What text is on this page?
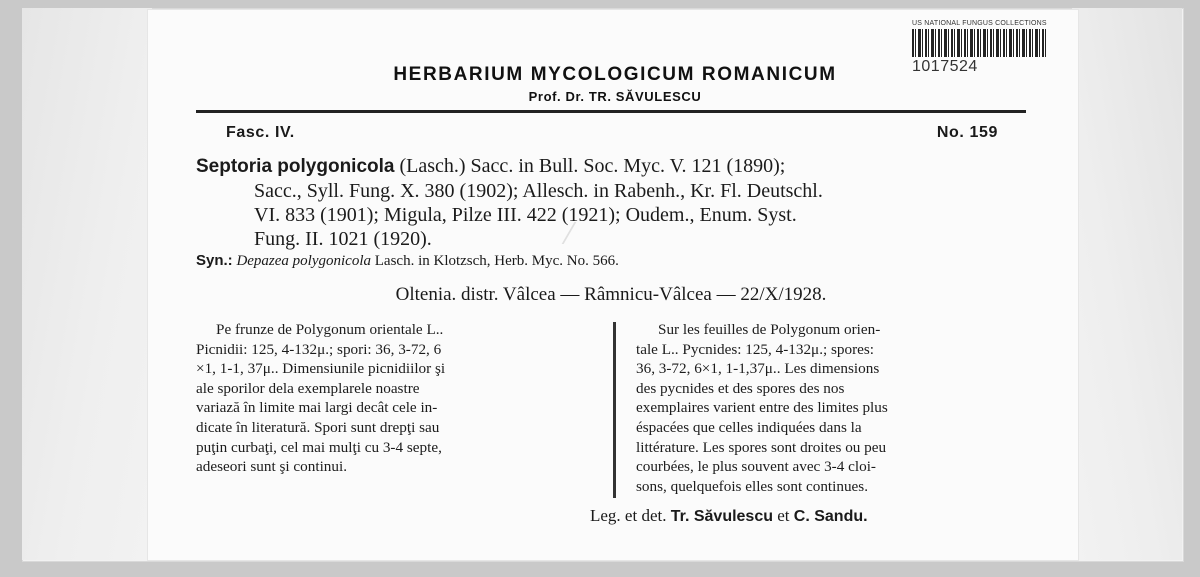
US NATIONAL FUNGUS COLLECTIONS
1017524
HERBARIUM MYCOLOGICUM ROMANICUM
Prof. Dr. TR. SĂVULESCU
Fasc. IV.	No. 159
Septoria polygonicola (Lasch.) Sacc. in Bull. Soc. Myc. V. 121 (1890);
Sacc., Syll. Fung. X. 380 (1902); Allesch. in Rabenh., Kr. Fl. Deutschl.
VI. 833 (1901); Migula, Pilze III. 422 (1921); Oudem., Enum. Syst.
Fung. II. 1021 (1920).
Syn.: Depazea polygonicola Lasch. in Klotzsch, Herb. Myc. No. 566.
Oltenia. distr. Vâlcea — Râmnicu-Vâlcea — 22/X/1928.
Pe frunze de Polygonum orientale L..
Picnidii: 125, 4-132μ.; spori: 36, 3-72, 6
×1, 1-1, 37μ.. Dimensiunile picnidiilor şi
ale sporilor dela exemplarele noastre
variază în limite mai largi decât cele in-
dicate în literatură. Spori sunt drepţi sau
puţin curbaţi, cel mai mulţi cu 3-4 septe,
adeseori sunt şi continui.
Sur les feuilles de Polygonum orien-
tale L.. Pycnides: 125, 4-132μ.; spores:
36, 3-72, 6×1, 1-1,37μ.. Les dimensions
des pycnides et des spores des nos
exemplaires varient entre des limites plus
éspacées que celles indiquées dans la
littérature. Les spores sont droites ou peu
courbées, le plus souvent avec 3-4 cloi-
sons, quelquefois elles sont continues.
Leg. et det. Tr. Săvulescu et C. Sandu.
